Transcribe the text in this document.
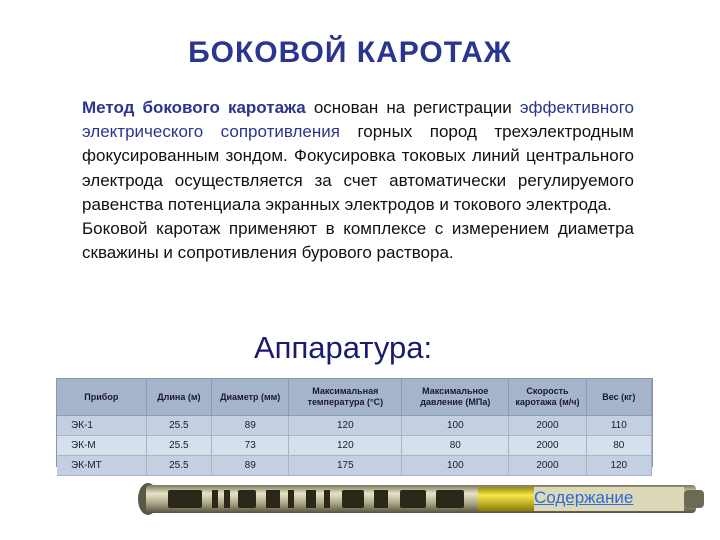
БОКОВОЙ КАРОТАЖ
Метод бокового каротажа основан на регистрации эффективного электрического сопротивления горных пород трехэлектродным фокусированным зондом. Фокусировка токовых линий центрального электрода осуществляется за счет автоматически регулируемого равенства потенциала экранных электродов и токового электрода.
Боковой каротаж применяют в комплексе с измерением диаметра скважины и сопротивления бурового раствора.
Аппаратура:
Прибор	Длина (м)	Диаметр (мм)	Максимальная температура (°С)	Максимальное давление (МПа)	Скорость каротажа (м/ч)	Вес (кг)
ЭК-1	25.5	89	120	100	2000	110
ЭК-М	25.5	73	120	80	2000	80
ЭК-МТ	25.5	89	175	100	2000	120
Содержание
